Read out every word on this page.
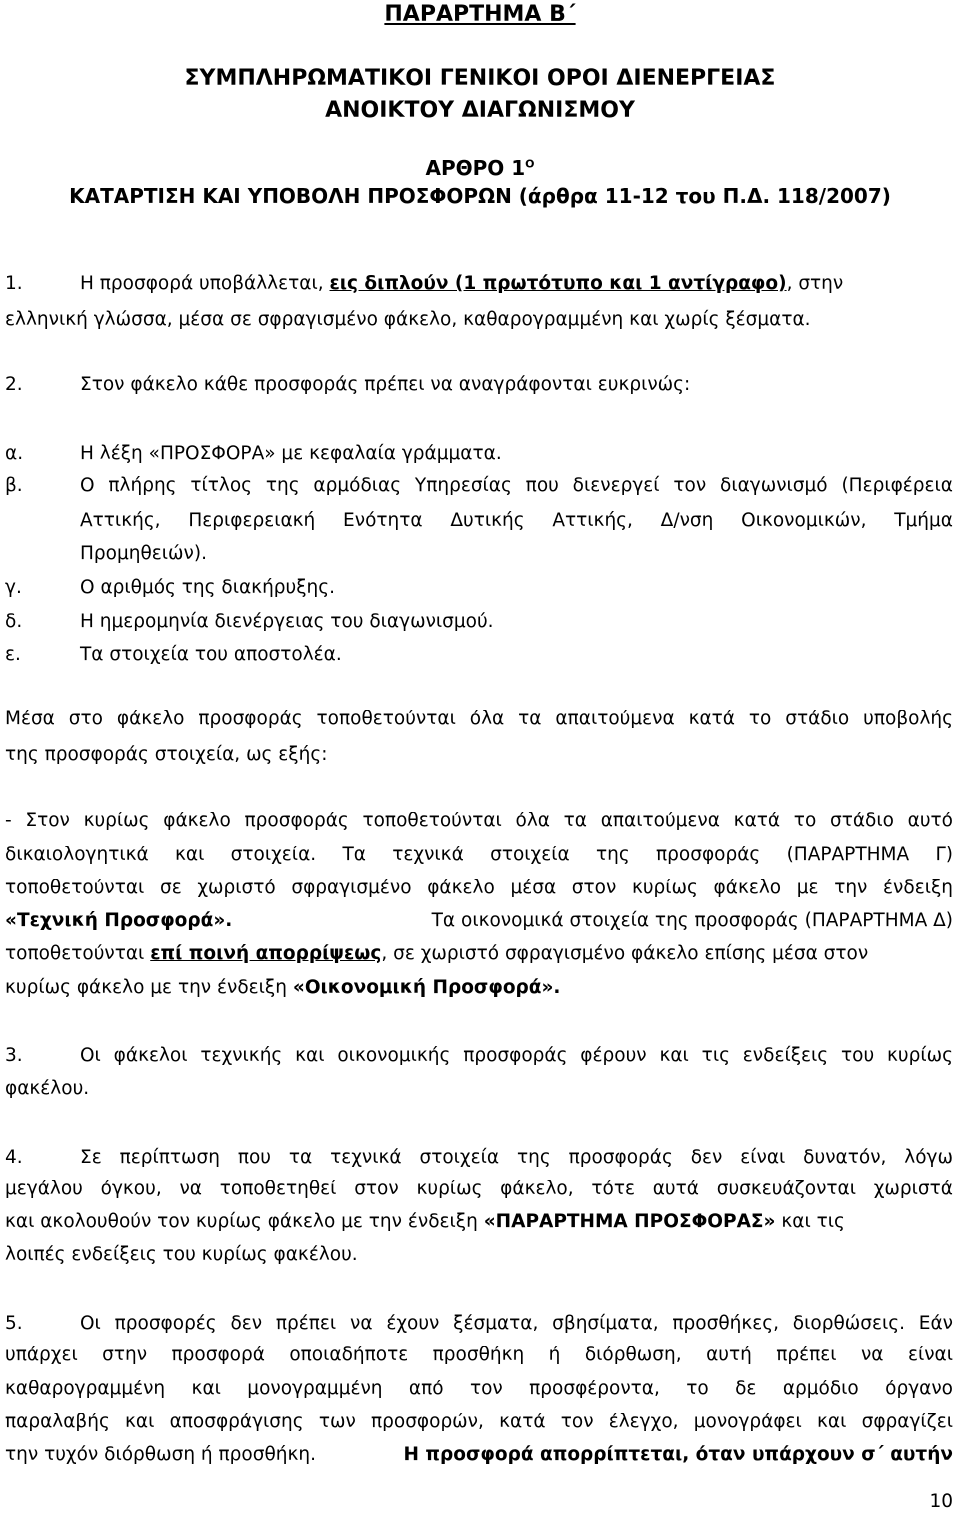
ΠΑΡΑΡΤΗΜΑ Β΄
ΣΥΜΠΛΗΡΩΜΑΤΙΚΟΙ ΓΕΝΙΚΟΙ ΟΡΟΙ ΔΙΕΝΕΡΓΕΙΑΣ
ΑΝΟΙΚΤΟΥ ΔΙΑΓΩΝΙΣΜΟΥ
ΑΡΘΡΟ $1^O$
ΚΑΤΑΡΤΙΣΗ ΚΑΙ ΥΠΟΒΟΛΗ ΠΡΟΣΦΟΡΩΝ (άρθρα 11-12 του Π.Δ. 118/2007)
1.	Η προσφορά υποβάλλεται, εις διπλούν (1 πρωτότυπο και 1 αντίγραφο), στην
ελληνική γλώσσα, μέσα σε σφραγισμένο φάκελο, καθαρογραμμένη και χωρίς ξέσματα.
2.	Στον φάκελο κάθε προσφοράς πρέπει να αναγράφονται ευκρινώς:
α.	Η λέξη «ΠΡΟΣΦΟΡΑ» με κεφαλαία γράμματα.
β.	Ο πλήρης τίτλος της αρμόδιας Υπηρεσίας που διενεργεί τον διαγωνισμό (Περιφέρεια
Αττικής, Περιφερειακή Ενότητα Δυτικής Αττικής, Δ/νση Οικονομικών, Τμήμα
Προμηθειών).
γ.	Ο αριθμός της διακήρυξης.
δ.	Η ημερομηνία διενέργειας του διαγωνισμού.
ε.	Τα στοιχεία του αποστολέα.
Μέσα στο φάκελο προσφοράς τοποθετούνται όλα τα απαιτούμενα κατά το στάδιο υποβολής
της προσφοράς στοιχεία, ως εξής:
- Στον κυρίως φάκελο προσφοράς τοποθετούνται όλα τα απαιτούμενα κατά το στάδιο αυτό
δικαιολογητικά και στοιχεία. Τα τεχνικά στοιχεία της προσφοράς (ΠΑΡΑΡΤΗΜΑ Γ)
τοποθετούνται σε χωριστό σφραγισμένο φάκελο μέσα στον κυρίως φάκελο με την ένδειξη
«Τεχνική Προσφορά».	Τα οικονομικά στοιχεία της προσφοράς (ΠΑΡΑΡΤΗΜΑ Δ)
τοποθετούνται επί ποινή απορρίψεως, σε χωριστό σφραγισμένο φάκελο επίσης μέσα στον
κυρίως φάκελο με την ένδειξη «Οικονομική Προσφορά».
3.	Οι φάκελοι τεχνικής και οικονομικής προσφοράς φέρουν και τις ενδείξεις του κυρίως
φακέλου.
4.	Σε περίπτωση που τα τεχνικά στοιχεία της προσφοράς δεν είναι δυνατόν, λόγω
μεγάλου όγκου, να τοποθετηθεί στον κυρίως φάκελο, τότε αυτά συσκευάζονται χωριστά
και ακολουθούν τον κυρίως φάκελο με την ένδειξη «ΠΑΡΑΡΤΗΜΑ ΠΡΟΣΦΟΡΑΣ» και τις
λοιπές ενδείξεις του κυρίως φακέλου.
5.	Οι προσφορές δεν πρέπει να έχουν ξέσματα, σβησίματα, προσθήκες, διορθώσεις. Εάν
υπάρχει στην προσφορά οποιαδήποτε προσθήκη ή διόρθωση, αυτή πρέπει να είναι
καθαρογραμμένη και μονογραμμένη από τον προσφέροντα, το δε αρμόδιο όργανο
παραλαβής και αποσφράγισης των προσφορών, κατά τον έλεγχο, μονογράφει και σφραγίζει
την τυχόν διόρθωση ή προσθήκη.	Η προσφορά απορρίπτεται, όταν υπάρχουν σ΄ αυτήν
10
